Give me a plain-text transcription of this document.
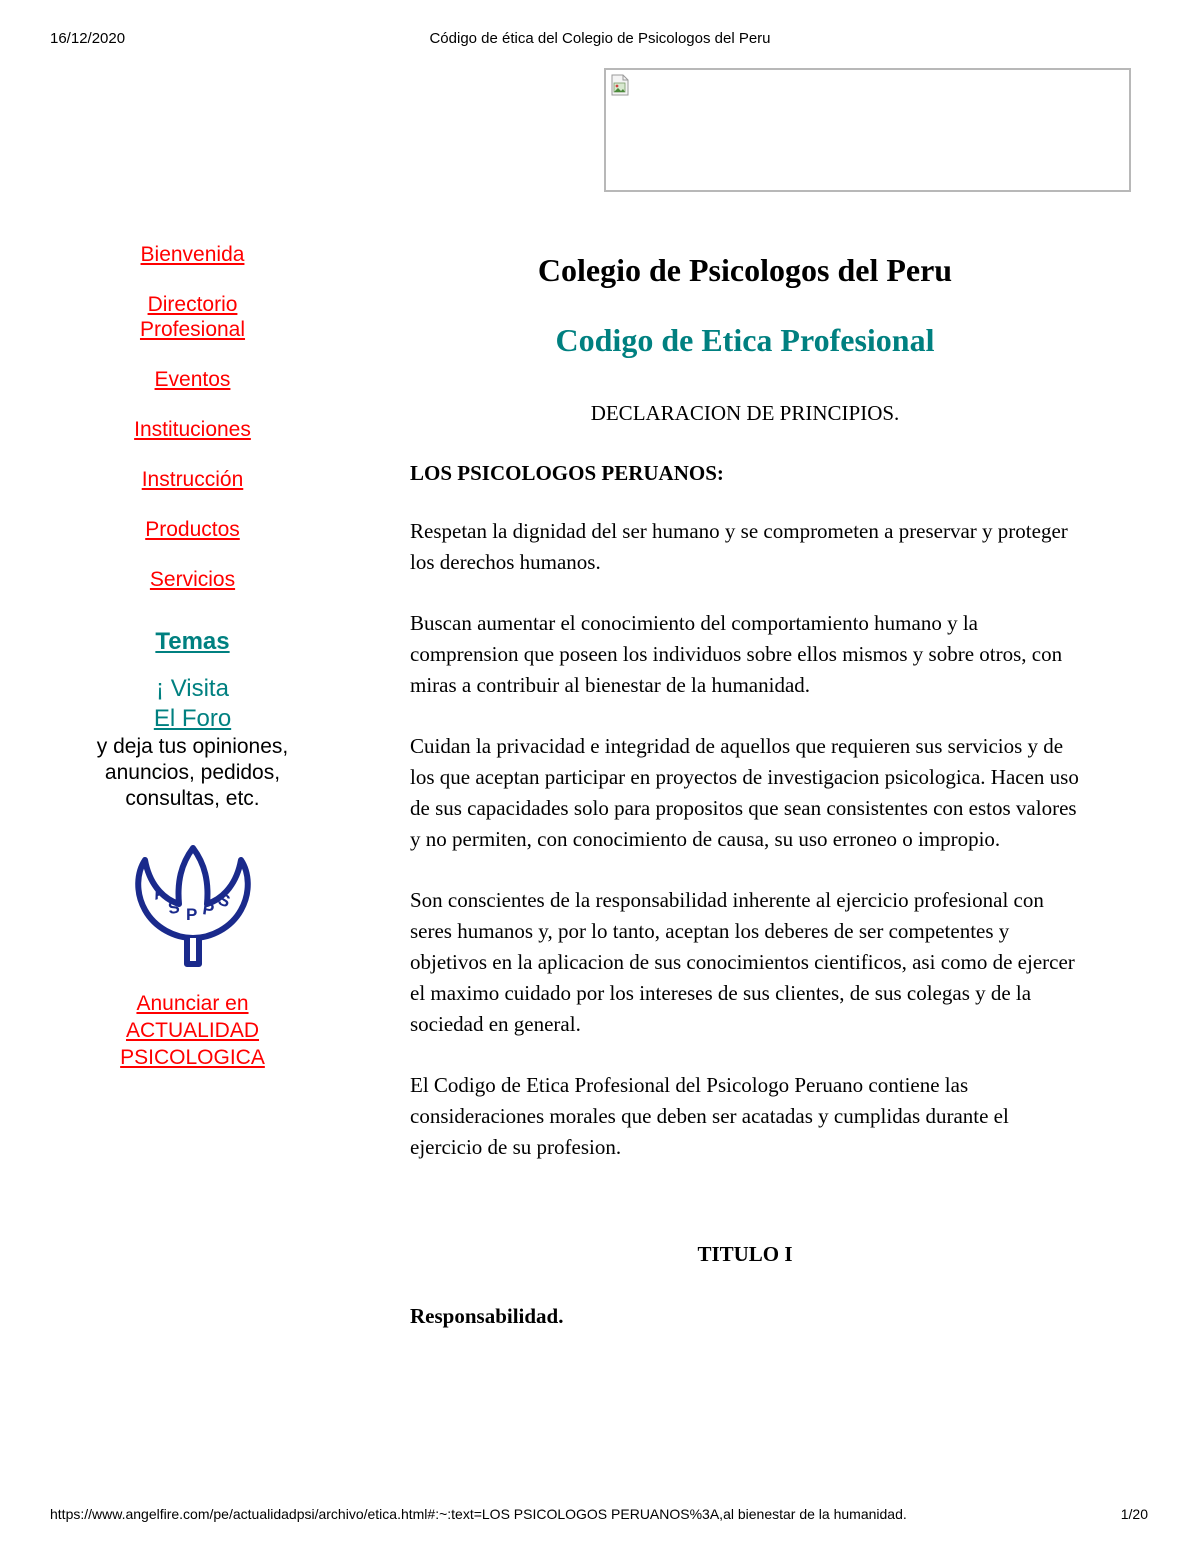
16/12/2020	Código de ética del Colegio de Psicologos del Peru
Bienvenida
Directorio
Profesional
Eventos
Instituciones
Instrucción
Productos
Servicios
Temas
¡ Visita
El Foro
y deja tus opiniones,
anuncios, pedidos,
consultas, etc.
A
S P P S
Anunciar en
ACTUALIDAD
PSICOLOGICA
Colegio de Psicologos del Peru
Codigo de Etica Profesional
DECLARACION DE PRINCIPIOS.
LOS PSICOLOGOS PERUANOS:
Respetan la dignidad del ser humano y se comprometen a preservar y proteger los derechos humanos.
Buscan aumentar el conocimiento del comportamiento humano y la comprension que poseen los individuos sobre ellos mismos y sobre otros, con miras a contribuir al bienestar de la humanidad.
Cuidan la privacidad e integridad de aquellos que requieren sus servicios y de los que aceptan participar en proyectos de investigacion psicologica. Hacen uso de sus capacidades solo para propositos que sean consistentes con estos valores y no permiten, con conocimiento de causa, su uso erroneo o impropio.
Son conscientes de la responsabilidad inherente al ejercicio profesional con seres humanos y, por lo tanto, aceptan los deberes de ser competentes y objetivos en la aplicacion de sus conocimientos cientificos, asi como de ejercer el maximo cuidado por los intereses de sus clientes, de sus colegas y de la sociedad en general.
El Codigo de Etica Profesional del Psicologo Peruano contiene las consideraciones morales que deben ser acatadas y cumplidas durante el ejercicio de su profesion.
TITULO I
Responsabilidad.
https://www.angelfire.com/pe/actualidadpsi/archivo/etica.html#:~:text=LOS PSICOLOGOS PERUANOS%3A,al bienestar de la humanidad.	1/20
